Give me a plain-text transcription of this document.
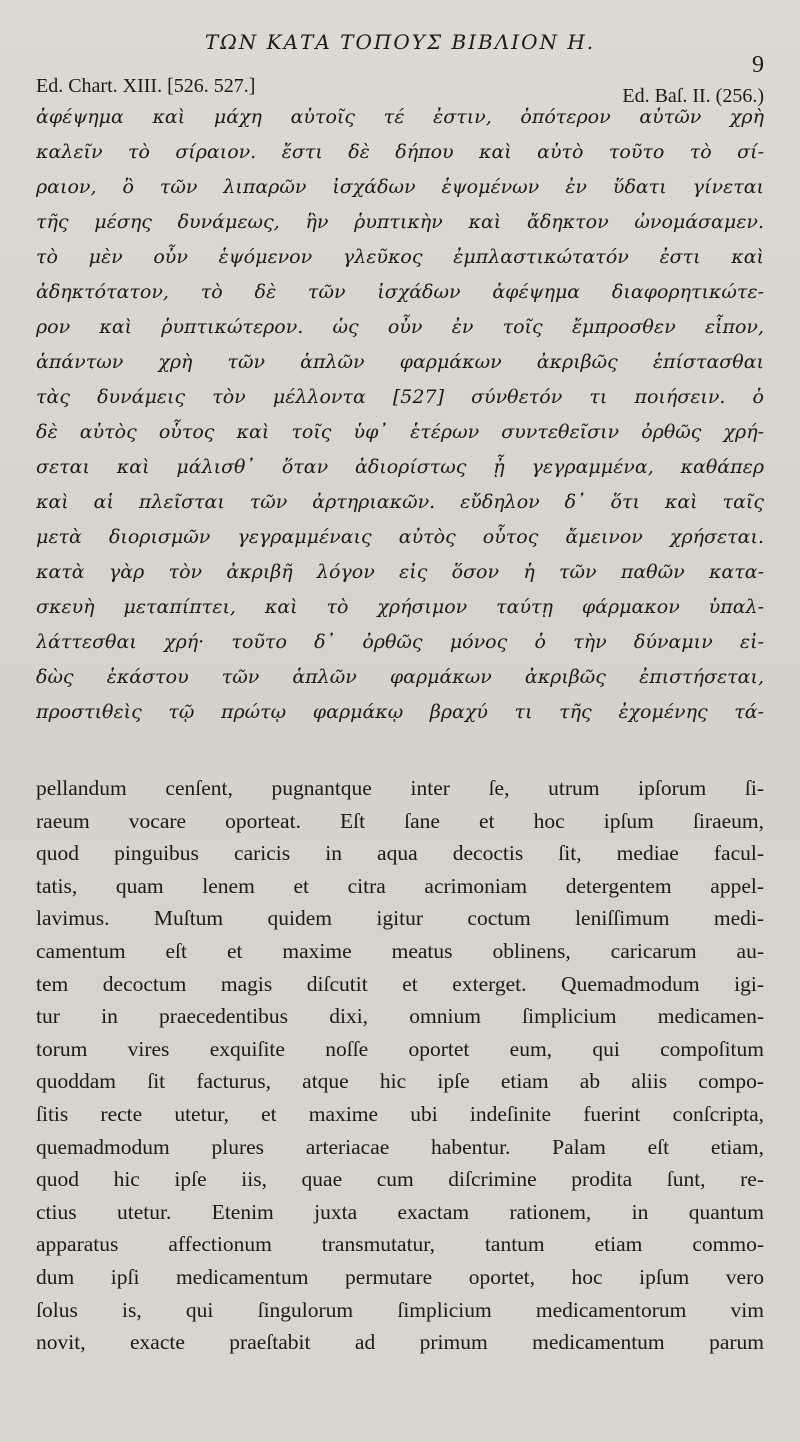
ΤΩΝ ΚΑΤΑ ΤΟΠΟΥΣ ΒΙΒΛΙΟΝ Η.
9
Ed. Chart. XIII. [526. 527.]	Ed. Baſ. II. (256.)
ἀφέψημα καὶ μάχη αὐτοῖς τέ ἐστιν, ὁπότερον αὐτῶν χρὴ
καλεῖν τὸ σίραιον. ἔστι δὲ δήπου καὶ αὐτὸ τοῦτο τὸ σί-
ραιον, ὃ τῶν λιπαρῶν ἰσχάδων ἑψομένων ἐν ὕδατι γίνεται
τῆς μέσης δυνάμεως, ἣν ῥυπτικὴν καὶ ἄδηκτον ὠνομάσαμεν.
τὸ μὲν οὖν ἑψόμενον γλεῦκος ἐμπλαστικώτατόν ἐστι καὶ
ἀδηκτότατον, τὸ δὲ τῶν ἰσχάδων ἀφέψημα διαφορητικώτε-
ρον καὶ ῥυπτικώτερον. ὡς οὖν ἐν τοῖς ἔμπροσθεν εἶπον,
ἁπάντων χρὴ τῶν ἁπλῶν φαρμάκων ἀκριβῶς ἐπίστασθαι
τὰς δυνάμεις τὸν μέλλοντα [527] σύνθετόν τι ποιήσειν. ὁ
δὲ αὐτὸς οὗτος καὶ τοῖς ὑφ᾽ ἑτέρων συντεθεῖσιν ὀρθῶς χρή-
σεται καὶ μάλισθ᾽ ὅταν ἀδιορίστως ᾖ γεγραμμένα, καθάπερ
καὶ αἱ πλεῖσται τῶν ἀρτηριακῶν. εὔδηλον δ᾽ ὅτι καὶ ταῖς
μετὰ διορισμῶν γεγραμμέναις αὐτὸς οὗτος ἄμεινον χρήσεται.
κατὰ γὰρ τὸν ἀκριβῆ λόγον εἰς ὅσον ἡ τῶν παθῶν κατα-
σκευὴ μεταπίπτει, καὶ τὸ χρήσιμον ταύτῃ φάρμακον ὑπαλ-
λάττεσθαι χρή· τοῦτο δ᾽ ὀρθῶς μόνος ὁ τὴν δύναμιν εἰ-
δὼς ἑκάστου τῶν ἁπλῶν φαρμάκων ἀκριβῶς ἐπιστήσεται,
προστιθεὶς τῷ πρώτῳ φαρμάκῳ βραχύ τι τῆς ἐχομένης τά-
pellandum cenſent, pugnantque inter ſe, utrum ipſorum ſi-
raeum vocare oporteat. Eſt ſane et hoc ipſum ſiraeum,
quod pinguibus caricis in aqua decoctis ſit, mediae facul-
tatis, quam lenem et citra acrimoniam detergentem appel-
lavimus. Muſtum quidem igitur coctum leniſſimum medi-
camentum eſt et maxime meatus oblinens, caricarum au-
tem decoctum magis diſcutit et exterget. Quemadmodum igi-
tur in praecedentibus dixi, omnium ſimplicium medicamen-
torum vires exquiſite noſſe oportet eum, qui compoſitum
quoddam ſit facturus, atque hic ipſe etiam ab aliis compo-
ſitis recte utetur, et maxime ubi indeſinite fuerint conſcripta,
quemadmodum plures arteriacae habentur. Palam eſt etiam,
quod hic ipſe iis, quae cum diſcrimine prodita ſunt, re-
ctius utetur. Etenim juxta exactam rationem, in quantum
apparatus affectionum transmutatur, tantum etiam commo-
dum ipſi medicamentum permutare oportet, hoc ipſum vero
ſolus is, qui ſingulorum ſimplicium medicamentorum vim
novit, exacte praeſtabit ad primum medicamentum parum
